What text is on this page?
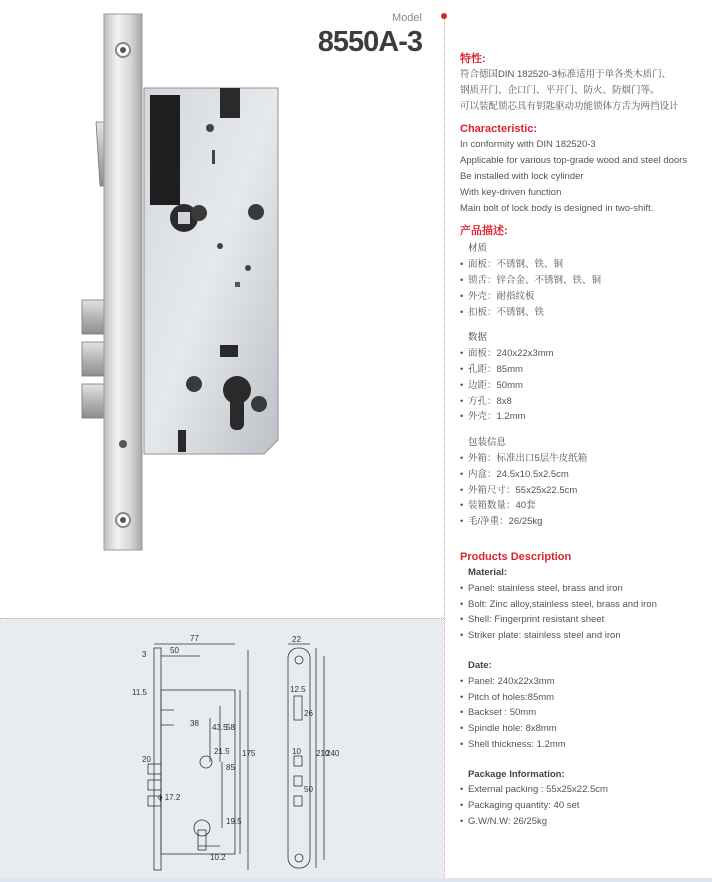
Model
8550A-3
77
50
3
11.5
38 43.5
58
21.5 175
85
20
ϕ 17.2
19.5
10.2
22
12.5
26
210
240
10
50
特性:
符合德国DIN 182520-3标准适用于单各类木质门、
钢质开门、企口门、平开门、防火、防烟门等。
可以装配锁芯具有钥匙驱动功能锁体方舌为两挡设计
Characteristic:
In conformity with DIN 182520-3
Applicable for various top-grade wood and steel doors
Be installed with lock cylinder
With key-driven function
Main bolt of lock body is designed in two-shift.
产品描述:
材质
• 面板：不锈钢、铁、铜
• 锁舌：锌合金、不锈钢、铁、铜
• 外壳：耐指纹板
• 扣板：不锈钢、铁
数据
• 面板：240x22x3mm
• 孔距：85mm
• 边距：50mm
• 方孔：8x8
• 外壳：1.2mm
包装信息
• 外箱：标准出口5层牛皮纸箱
• 内盒：24.5x10.5x2.5cm
• 外箱尺寸：55x25x22.5cm
• 装箱数量：40套
• 毛/净重：26/25kg
Products Description
Material:
• Panel: stainless steel, brass and iron
• Bolt: Zinc alloy,stainless steel, brass and iron
• Shell: Fingerprint resistant sheet
• Striker plate: stainless steel and iron
Date:
• Panel: 240x22x3mm
• Pitch of holes:85mm
• Backset : 50mm
• Spindle hole: 8x8mm
• Shell thickness: 1.2mm
Package Information:
• External packing : 55x25x22.5cm
• Packaging quantity: 40 set
• G.W/N.W: 26/25kg
